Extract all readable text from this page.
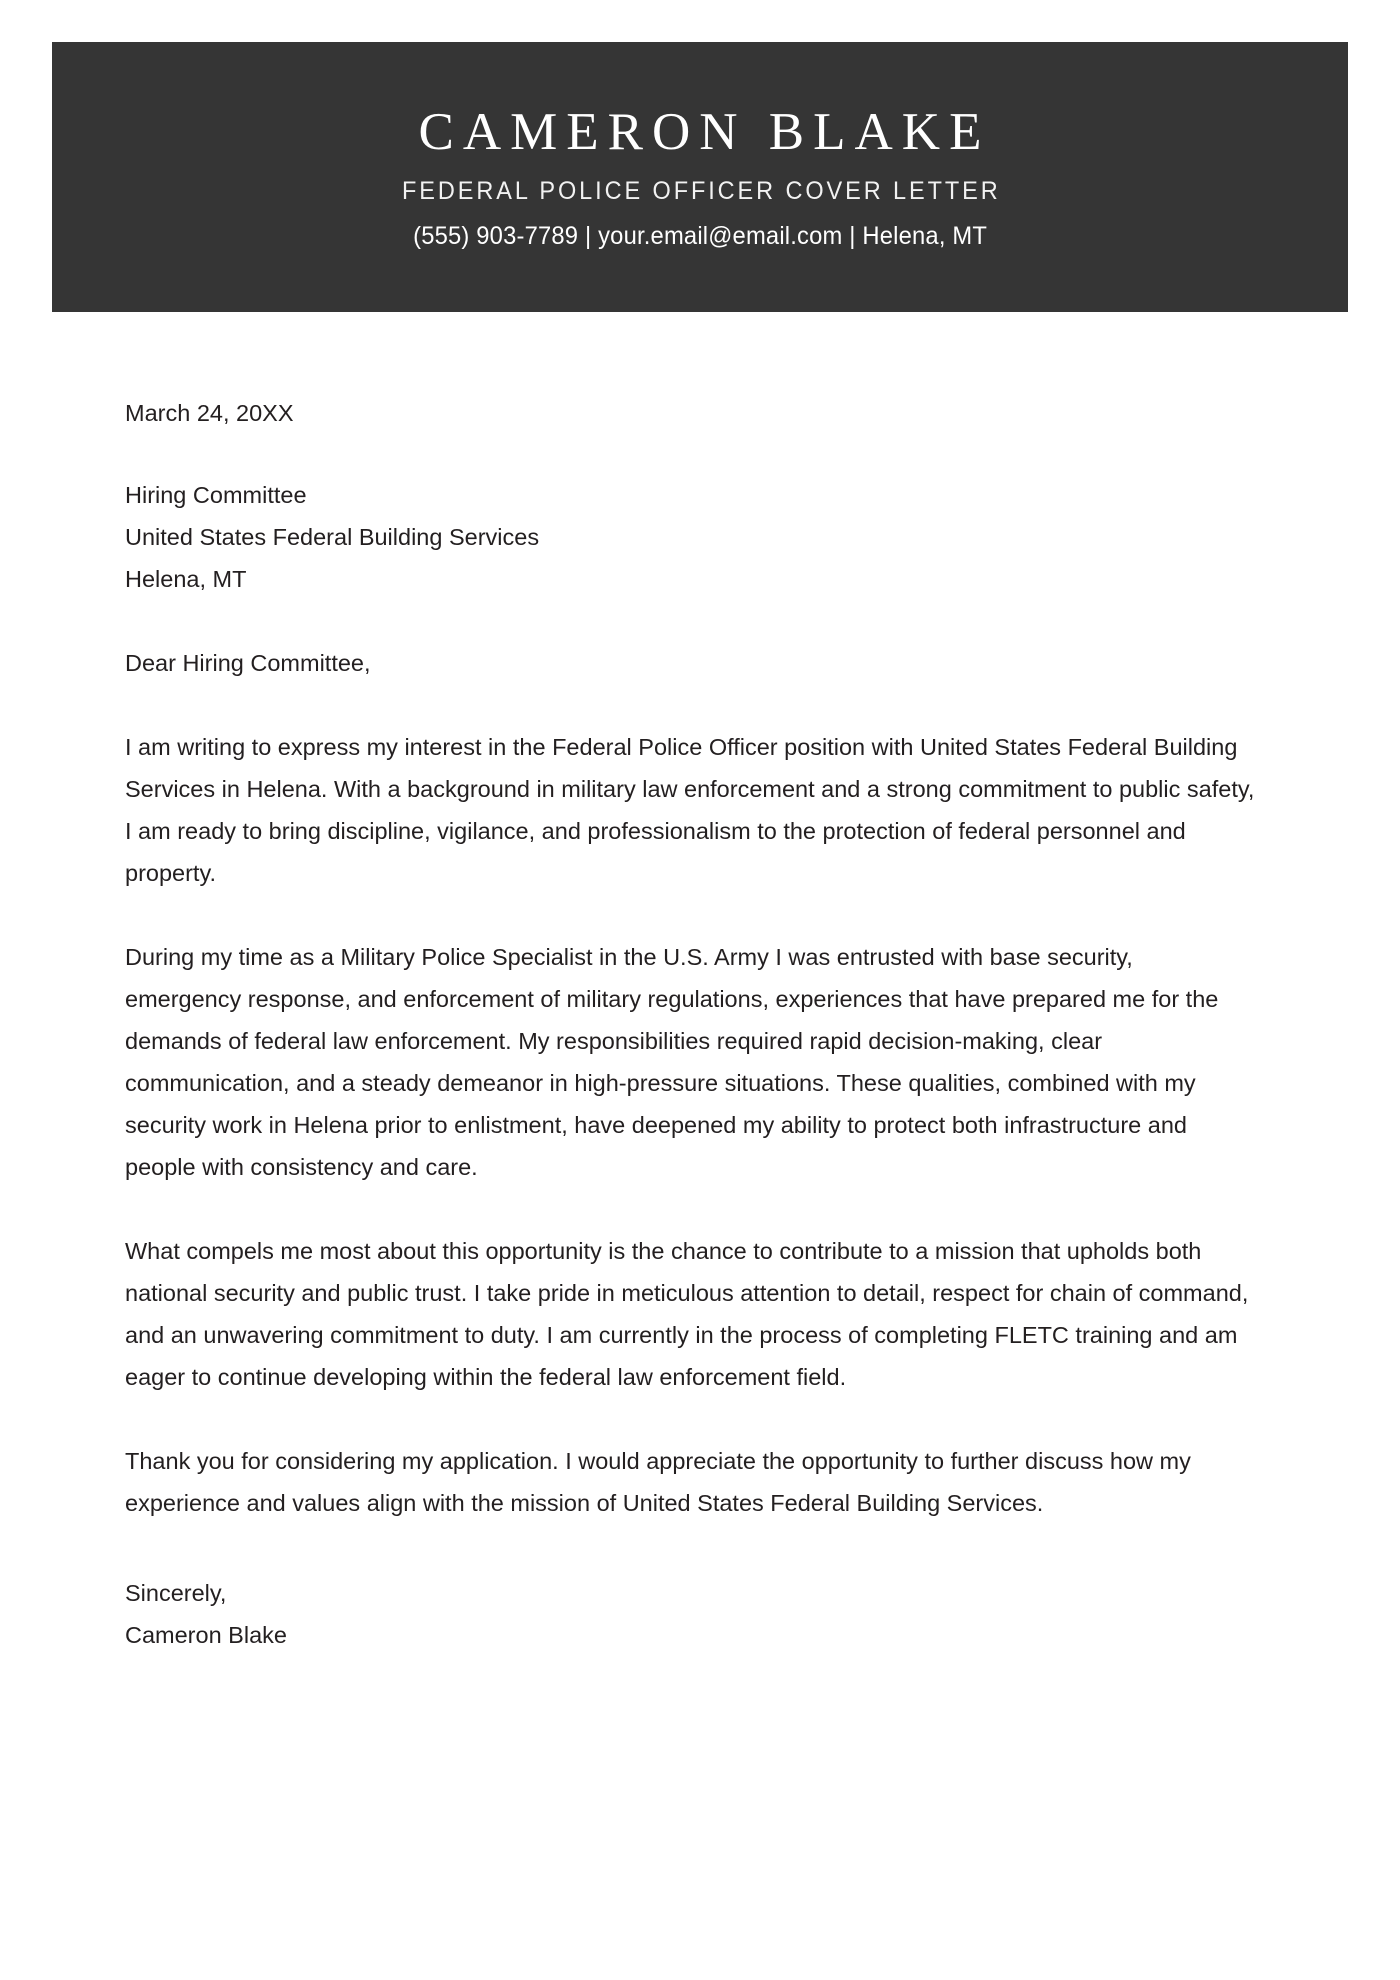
CAMERON BLAKE
FEDERAL POLICE OFFICER COVER LETTER
(555) 903-7789 | your.email@email.com | Helena, MT

March 24, 20XX

Hiring Committee
United States Federal Building Services
Helena, MT

Dear Hiring Committee,

I am writing to express my interest in the Federal Police Officer position with United States Federal Building Services in Helena. With a background in military law enforcement and a strong commitment to public safety, I am ready to bring discipline, vigilance, and professionalism to the protection of federal personnel and property.

During my time as a Military Police Specialist in the U.S. Army I was entrusted with base security, emergency response, and enforcement of military regulations, experiences that have prepared me for the demands of federal law enforcement. My responsibilities required rapid decision-making, clear communication, and a steady demeanor in high-pressure situations. These qualities, combined with my security work in Helena prior to enlistment, have deepened my ability to protect both infrastructure and people with consistency and care.

What compels me most about this opportunity is the chance to contribute to a mission that upholds both national security and public trust. I take pride in meticulous attention to detail, respect for chain of command, and an unwavering commitment to duty. I am currently in the process of completing FLETC training and am eager to continue developing within the federal law enforcement field.

Thank you for considering my application. I would appreciate the opportunity to further discuss how my experience and values align with the mission of United States Federal Building Services.

Sincerely,
Cameron Blake
